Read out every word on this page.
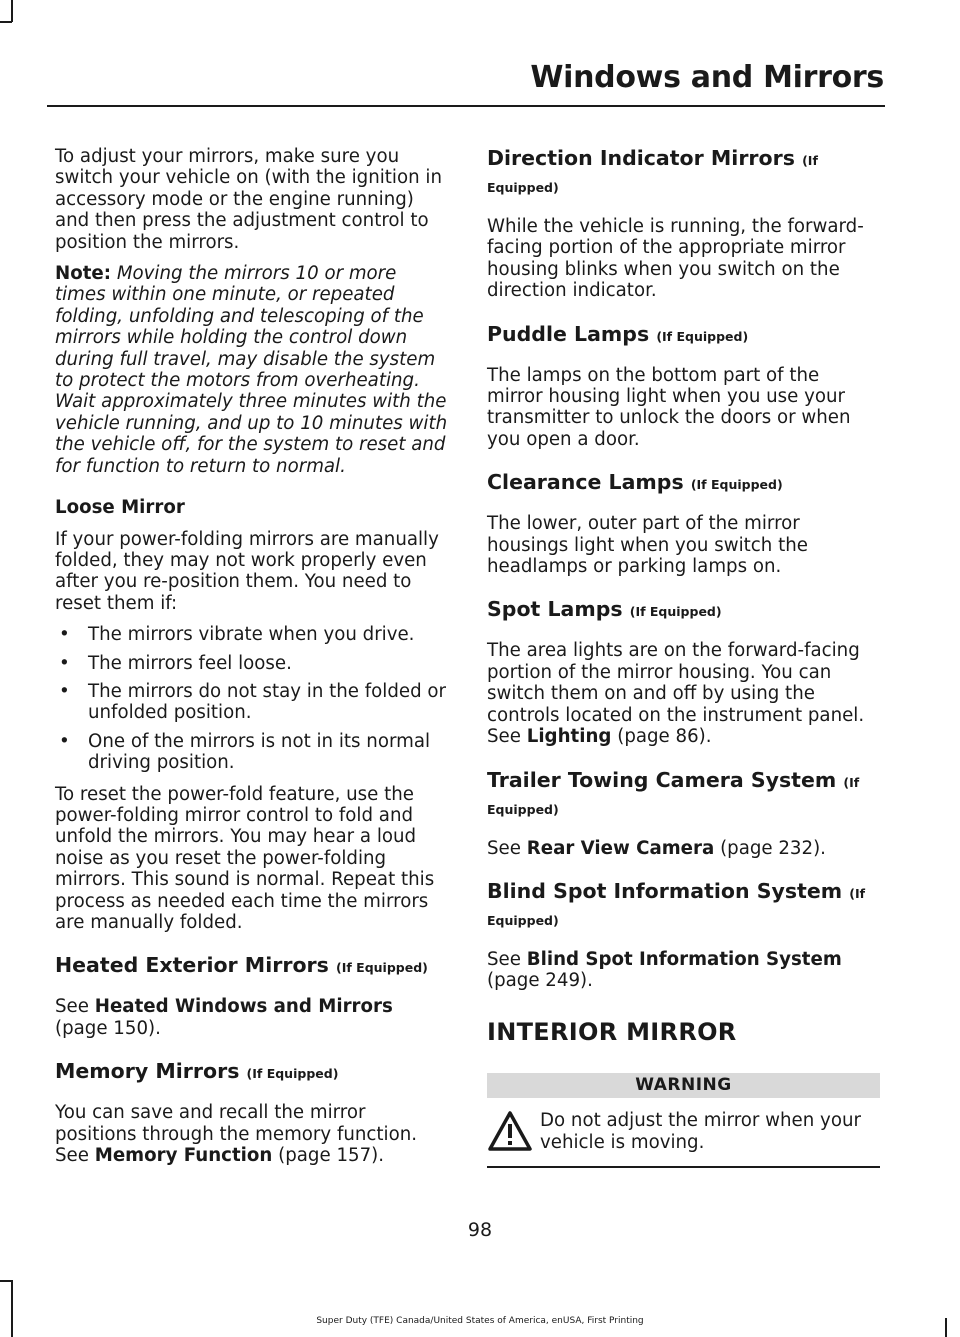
Windows and Mirrors

To adjust your mirrors, make sure you switch your vehicle on (with the ignition in accessory mode or the engine running) and then press the adjustment control to position the mirrors.

Note: Moving the mirrors 10 or more times within one minute, or repeated folding, unfolding and telescoping of the mirrors while holding the control down during full travel, may disable the system to protect the motors from overheating. Wait approximately three minutes with the vehicle running, and up to 10 minutes with the vehicle off, for the system to reset and for function to return to normal.

Loose Mirror

If your power-folding mirrors are manually folded, they may not work properly even after you re-position them. You need to reset them if:

• The mirrors vibrate when you drive.
• The mirrors feel loose.
• The mirrors do not stay in the folded or unfolded position.
• One of the mirrors is not in its normal driving position.

To reset the power-fold feature, use the power-folding mirror control to fold and unfold the mirrors. You may hear a loud noise as you reset the power-folding mirrors. This sound is normal. Repeat this process as needed each time the mirrors are manually folded.

Heated Exterior Mirrors (If Equipped)

See Heated Windows and Mirrors (page 150).

Memory Mirrors (If Equipped)

You can save and recall the mirror positions through the memory function. See Memory Function (page 157).

Direction Indicator Mirrors (If Equipped)

While the vehicle is running, the forward-facing portion of the appropriate mirror housing blinks when you switch on the direction indicator.

Puddle Lamps (If Equipped)

The lamps on the bottom part of the mirror housing light when you use your transmitter to unlock the doors or when you open a door.

Clearance Lamps (If Equipped)

The lower, outer part of the mirror housings light when you switch the headlamps or parking lamps on.

Spot Lamps (If Equipped)

The area lights are on the forward-facing portion of the mirror housing. You can switch them on and off by using the controls located on the instrument panel. See Lighting (page 86).

Trailer Towing Camera System (If Equipped)

See Rear View Camera (page 232).

Blind Spot Information System (If Equipped)

See Blind Spot Information System (page 249).

INTERIOR MIRROR
WARNING
Do not adjust the mirror when your vehicle is moving.
98
Super Duty (TFE) Canada/United States of America, enUSA, First Printing
